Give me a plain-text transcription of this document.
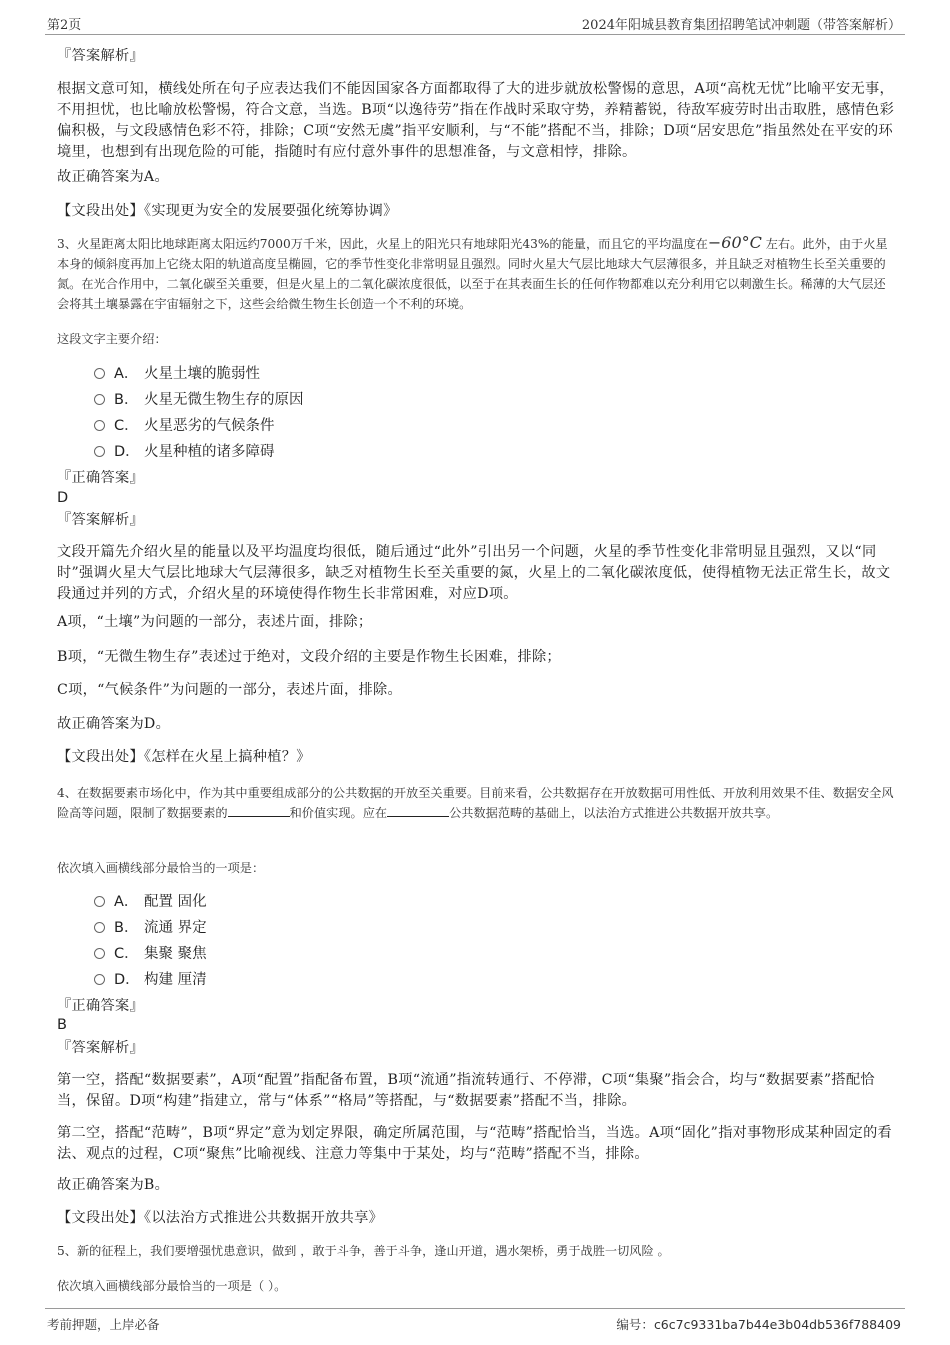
第2页	2024年阳城县教育集团招聘笔试冲刺题（带答案解析）

『答案解析』

根据文意可知，横线处所在句子应表达我们不能因国家各方面都取得了大的进步就放松警惕的意思，A项“高枕无忧”比喻平安无事，不用担忧，也比喻放松警惕，符合文意，当选。B项“以逸待劳”指在作战时采取守势，养精蓄锐，待敌军疲劳时出击取胜，感情色彩偏积极，与文段感情色彩不符，排除；C项“安然无虞”指平安顺利，与“不能”搭配不当，排除；D项“居安思危”指虽然处在平安的环境里，也想到有出现危险的可能，指随时有应付意外事件的思想准备，与文意相悖，排除。

故正确答案为A。

【文段出处】《实现更为安全的发展要强化统筹协调》

3、火星距离太阳比地球距离太阳远约7000万千米，因此，火星上的阳光只有地球阳光43%的能量，而且它的平均温度在−60°C 左右。此外，由于火星本身的倾斜度再加上它绕太阳的轨道高度呈椭圆，它的季节性变化非常明显且强烈。同时火星大气层比地球大气层薄很多，并且缺乏对植物生长至关重要的氮。在光合作用中，二氧化碳至关重要，但是火星上的二氧化碳浓度很低，以至于在其表面生长的任何作物都难以充分利用它以刺激生长。稀薄的大气层还会将其土壤暴露在宇宙辐射之下，这些会给微生物生长创造一个不利的环境。

这段文字主要介绍：

A． 火星土壤的脆弱性
B． 火星无微生物生存的原因
C． 火星恶劣的气候条件
D． 火星种植的诸多障碍

『正确答案』

D

『答案解析』

文段开篇先介绍火星的能量以及平均温度均很低，随后通过“此外”引出另一个问题，火星的季节性变化非常明显且强烈，又以“同时”强调火星大气层比地球大气层薄很多，缺乏对植物生长至关重要的氮，火星上的二氧化碳浓度低，使得植物无法正常生长，故文段通过并列的方式，介绍火星的环境使得作物生长非常困难，对应D项。

A项，“土壤”为问题的一部分，表述片面，排除；

B项，“无微生物生存”表述过于绝对，文段介绍的主要是作物生长困难，排除；

C项，“气候条件”为问题的一部分，表述片面，排除。

故正确答案为D。

【文段出处】《怎样在火星上搞种植？》

4、在数据要素市场化中，作为其中重要组成部分的公共数据的开放至关重要。目前来看，公共数据存在开放数据可用性低、开放利用效果不佳、数据安全风险高等问题，限制了数据要素的	和价值实现。应在	公共数据范畴的基础上，以法治方式推进公共数据开放共享。

依次填入画横线部分最恰当的一项是：

A． 配置 固化
B． 流通 界定
C． 集聚 聚焦
D． 构建 厘清

『正确答案』

B

『答案解析』

第一空，搭配“数据要素”，A项“配置”指配备布置，B项“流通”指流转通行、不停滞，C项“集聚”指会合，均与“数据要素”搭配恰当，保留。D项“构建”指建立，常与“体系”“格局”等搭配，与“数据要素”搭配不当，排除。

第二空，搭配“范畴”，B项“界定”意为划定界限，确定所属范围，与“范畴”搭配恰当，当选。A项“固化”指对事物形成某种固定的看法、观点的过程，C项“聚焦”比喻视线、注意力等集中于某处，均与“范畴”搭配不当，排除。

故正确答案为B。

【文段出处】《以法治方式推进公共数据开放共享》

5、新的征程上，我们要增强忧患意识，做到 ，敢于斗争，善于斗争，逢山开道，遇水架桥，勇于战胜一切风险 。

依次填入画横线部分最恰当的一项是（ ）。

考前押题，上岸必备	编号：c6c7c9331ba7b44e3b04db536f788409
